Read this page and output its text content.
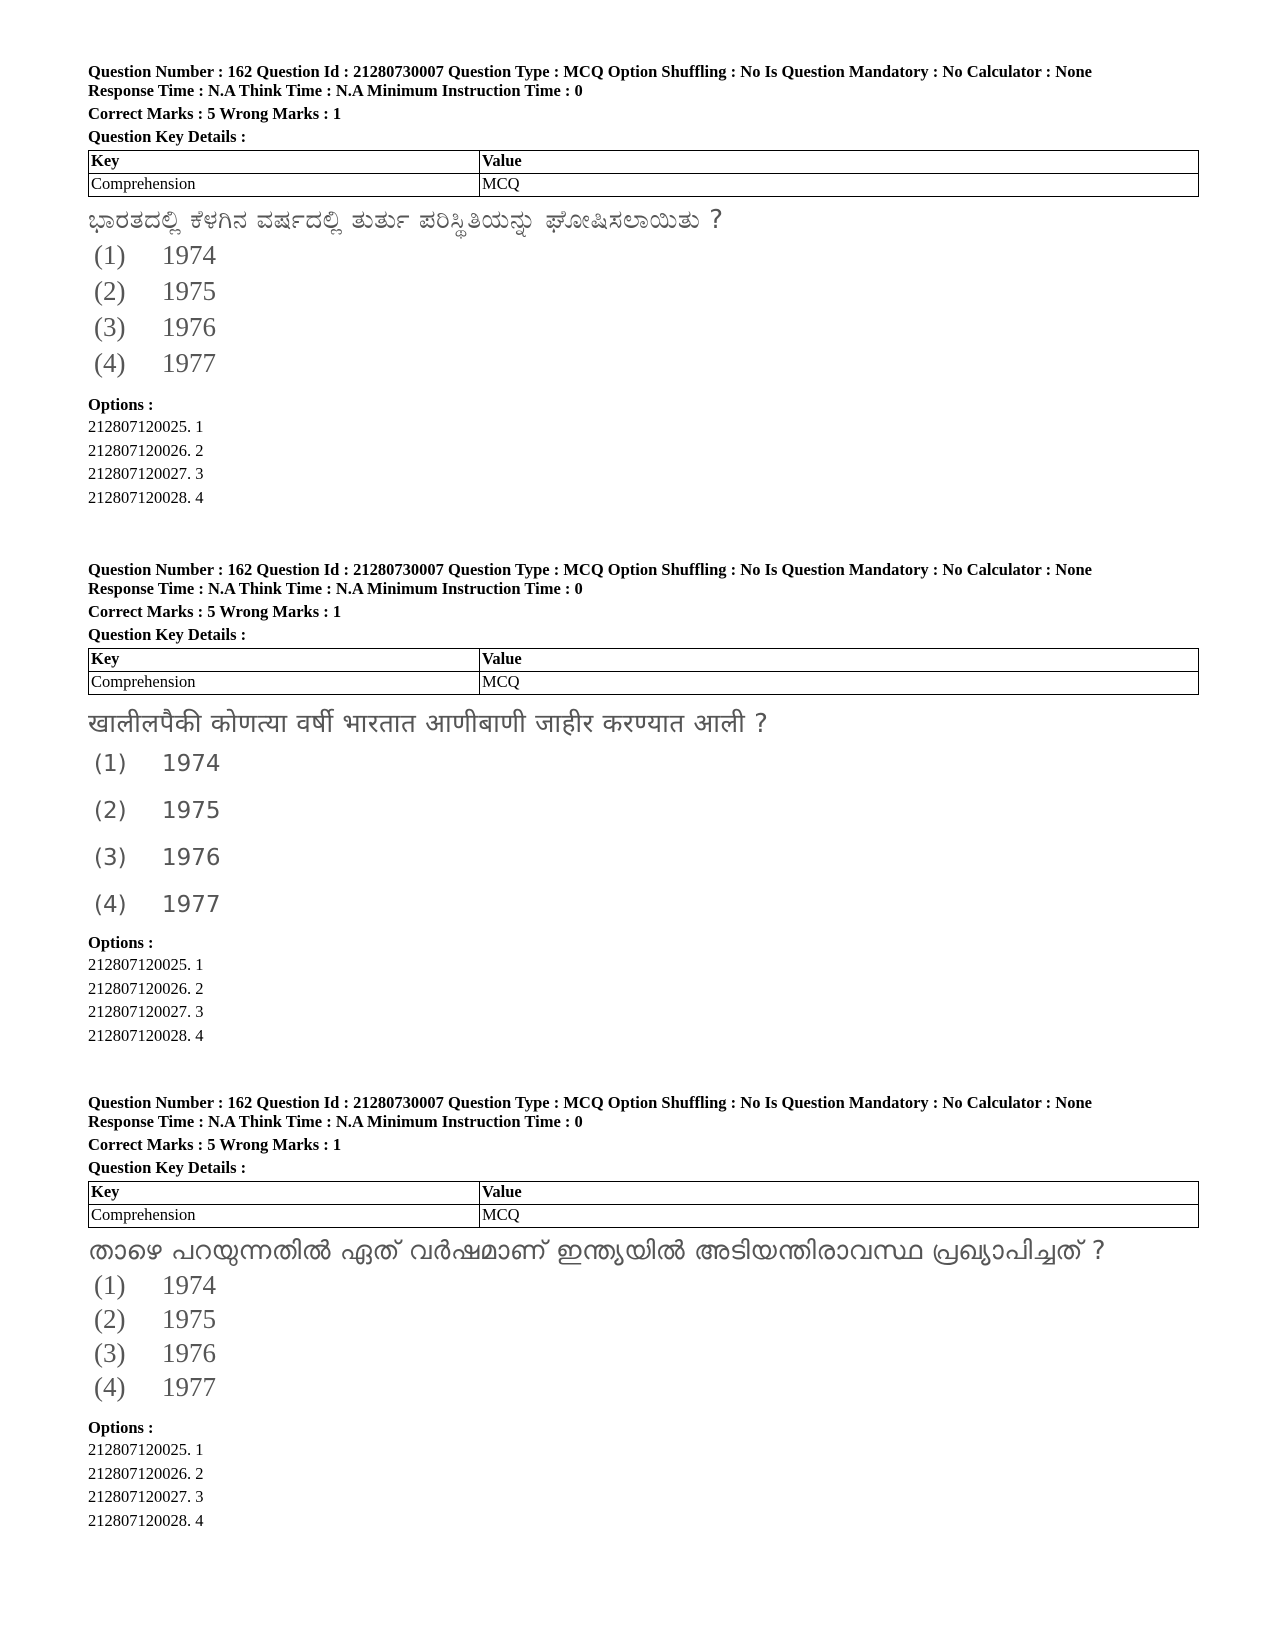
Question Number : 162 Question Id : 21280730007 Question Type : MCQ Option Shuffling : No Is Question Mandatory : No Calculator : None
Response Time : N.A Think Time : N.A Minimum Instruction Time : 0
Correct Marks : 5 Wrong Marks : 1
Question Key Details :
Key	Value
Comprehension	MCQ
ಭಾರತದಲ್ಲಿ ಕೆಳಗಿನ ವರ್ಷದಲ್ಲಿ ತುರ್ತು ಪರಿಸ್ಥಿತಿಯನ್ನು ಘೋಷಿಸಲಾಯಿತು ?
(1)	1974
(2)	1975
(3)	1976
(4)	1977
Options :
212807120025. 1
212807120026. 2
212807120027. 3
212807120028. 4
Question Number : 162 Question Id : 21280730007 Question Type : MCQ Option Shuffling : No Is Question Mandatory : No Calculator : None
Response Time : N.A Think Time : N.A Minimum Instruction Time : 0
Correct Marks : 5 Wrong Marks : 1
Question Key Details :
Key	Value
Comprehension	MCQ
खालीलपैकी कोणत्या वर्षी भारतात आणीबाणी जाहीर करण्यात आली ?
(1)	1974
(2)	1975
(3)	1976
(4)	1977
Options :
212807120025. 1
212807120026. 2
212807120027. 3
212807120028. 4
Question Number : 162 Question Id : 21280730007 Question Type : MCQ Option Shuffling : No Is Question Mandatory : No Calculator : None
Response Time : N.A Think Time : N.A Minimum Instruction Time : 0
Correct Marks : 5 Wrong Marks : 1
Question Key Details :
Key	Value
Comprehension	MCQ
താഴെ പറയുന്നതിൽ ഏത് വർഷമാണ് ഇന്ത്യയിൽ അടിയന്തിരാവസ്ഥ പ്രഖ്യാപിച്ചത് ?
(1)	1974
(2)	1975
(3)	1976
(4)	1977
Options :
212807120025. 1
212807120026. 2
212807120027. 3
212807120028. 4
